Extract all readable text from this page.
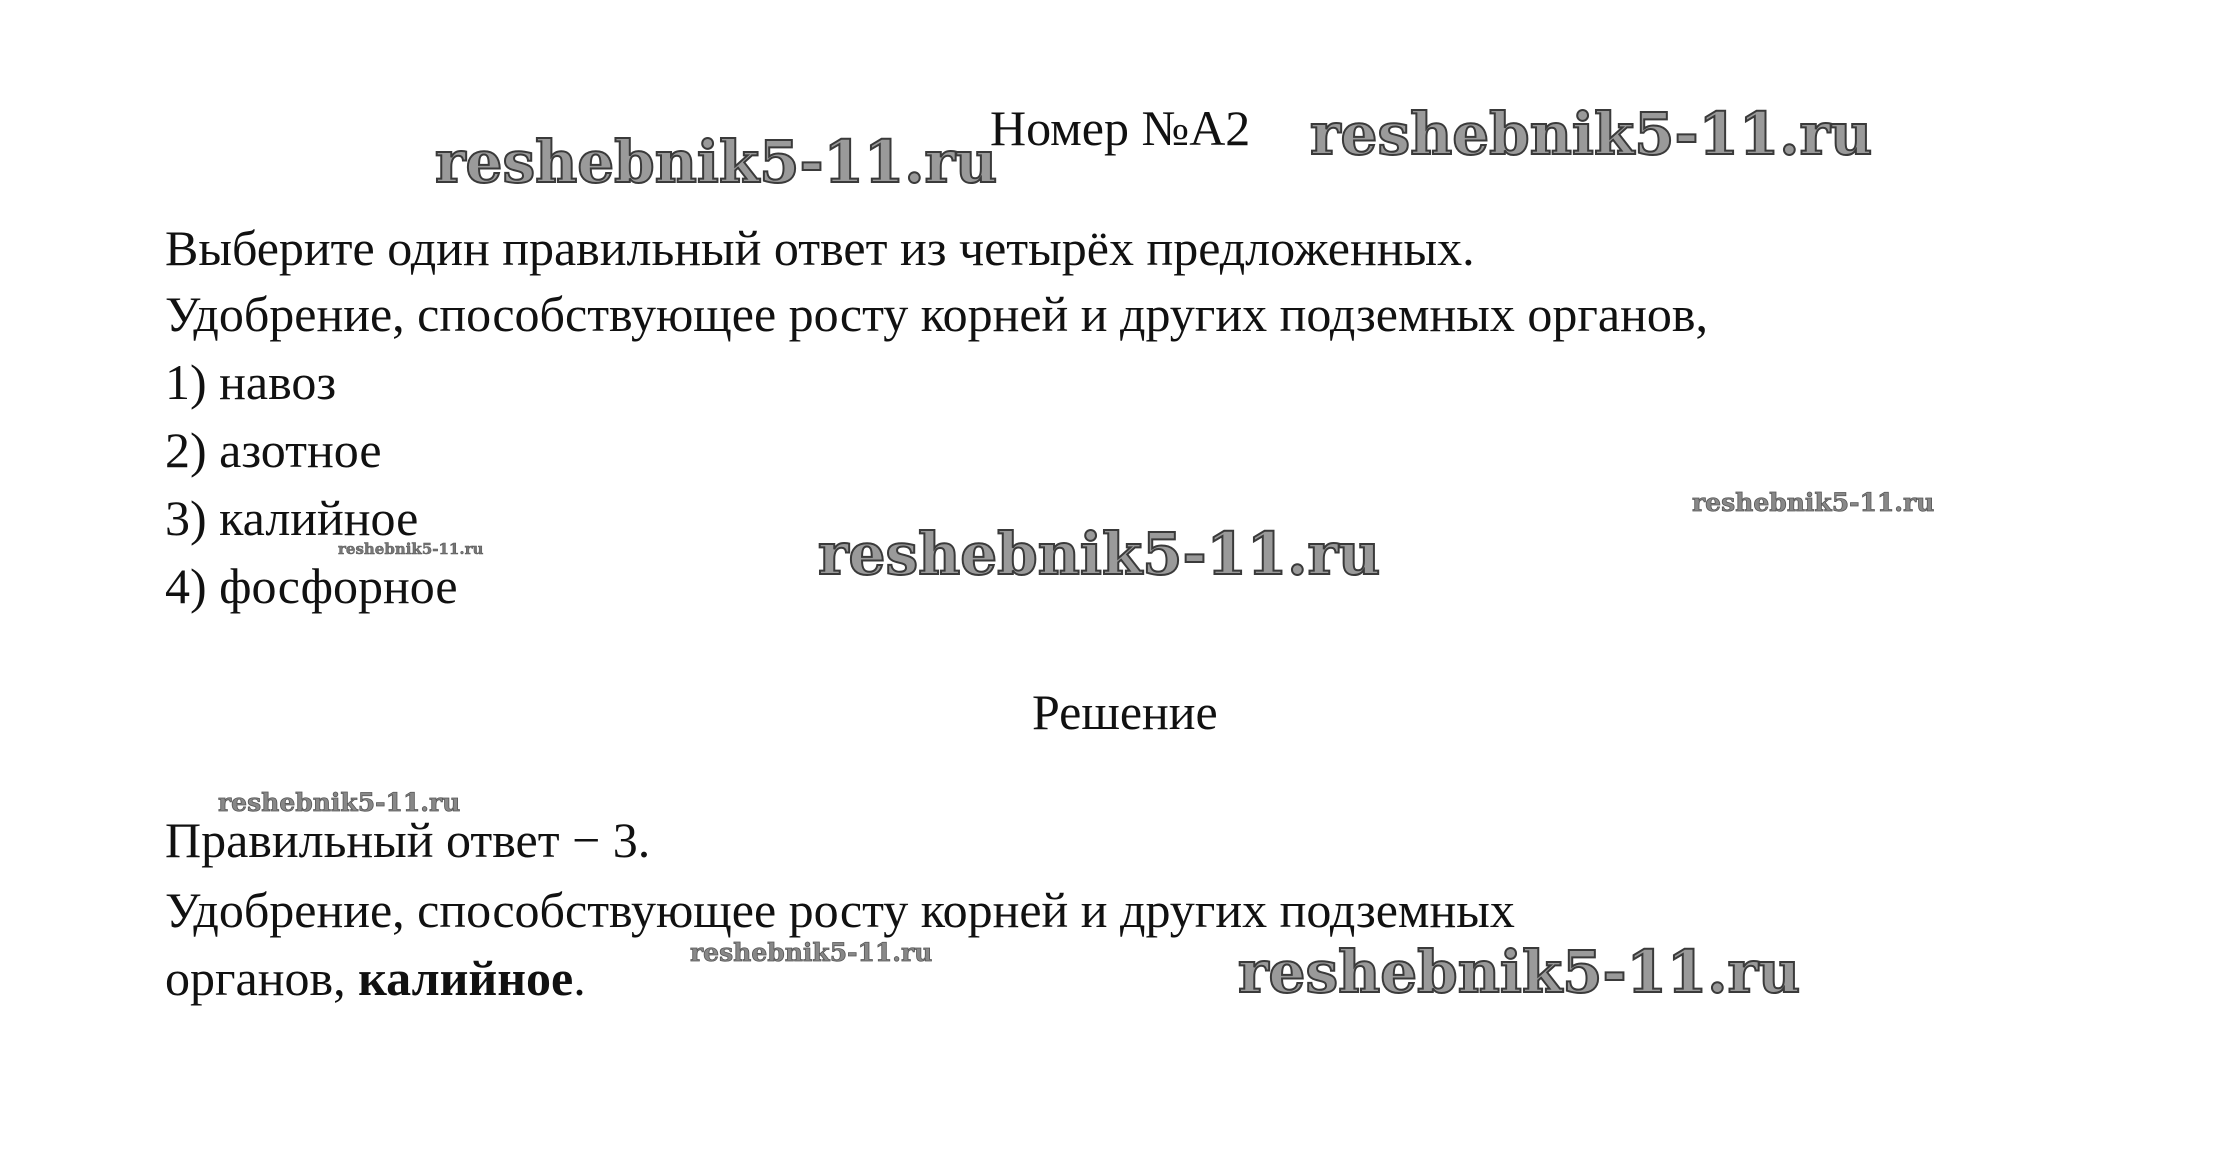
Номер №А2
reshebnik5-11.ru	reshebnik5-11.ru
reshebnik5-11.ru
reshebnik5-11.ru	reshebnik5-11.ru
reshebnik5-11.ru
reshebnik5-11.ru	reshebnik5-11.ru
Выберите один правильный ответ из четырёх предложенных.
Удобрение, способствующее росту корней и других подземных органов,
1) навоз
2) азотное
3) калийное
4) фосфорное
Решение
Правильный ответ − 3.
Удобрение, способствующее росту корней и других подземных
органов, калийное.
